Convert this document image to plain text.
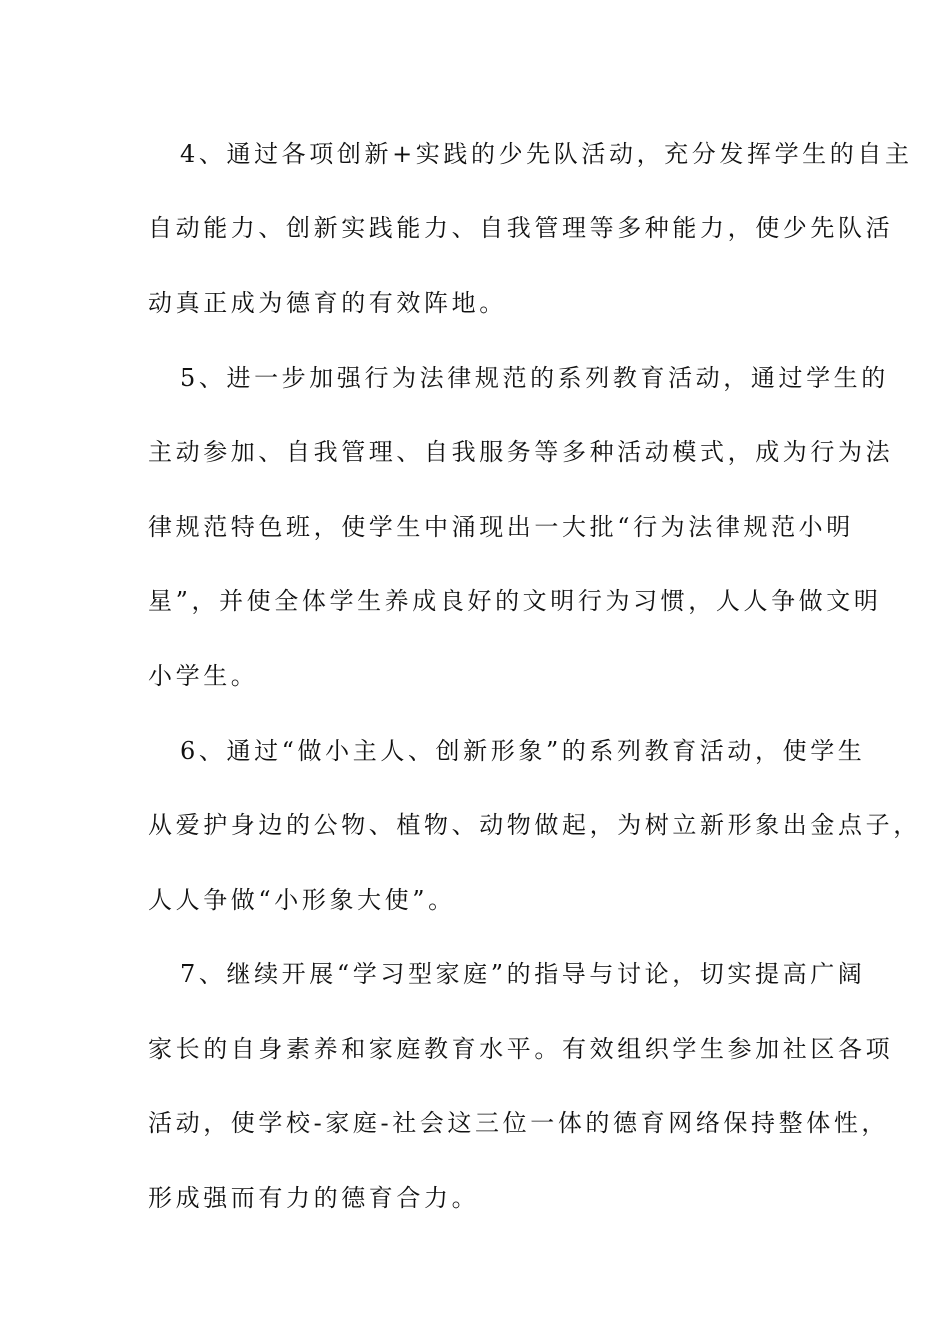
4、通过各项创新+实践的少先队活动，充分发挥学生的自主
自动能力、创新实践能力、自我管理等多种能力，使少先队活
动真正成为德育的有效阵地。
5、进一步加强行为法律规范的系列教育活动，通过学生的
主动参加、自我管理、自我服务等多种活动模式，成为行为法
律规范特色班，使学生中涌现出一大批“行为法律规范小明
星”，并使全体学生养成良好的文明行为习惯，人人争做文明
小学生。
6、通过“做小主人、创新形象”的系列教育活动，使学生
从爱护身边的公物、植物、动物做起，为树立新形象出金点子，
人人争做“小形象大使”。
7、继续开展“学习型家庭”的指导与讨论，切实提高广阔
家长的自身素养和家庭教育水平。有效组织学生参加社区各项
活动，使学校-家庭-社会这三位一体的德育网络保持整体性，
形成强而有力的德育合力。
